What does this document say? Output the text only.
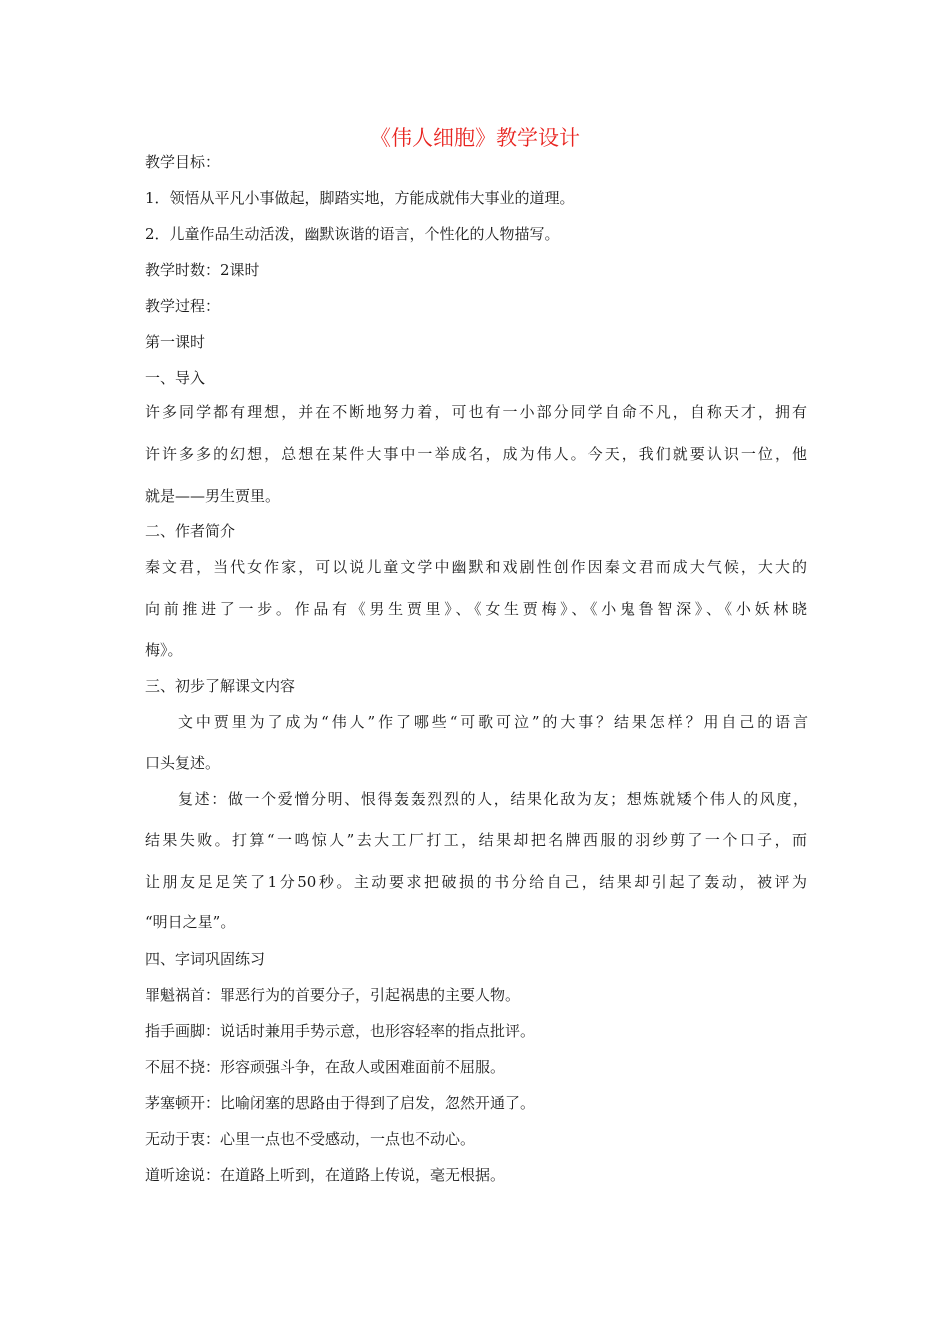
《伟人细胞》教学设计
教学目标：
1．领悟从平凡小事做起，脚踏实地，方能成就伟大事业的道理。
2．儿童作品生动活泼，幽默诙谐的语言，个性化的人物描写。
教学时数：2课时
教学过程：
第一课时
一、导入
许多同学都有理想，并在不断地努力着，可也有一小部分同学自命不凡，自称天才，拥有
许许多多的幻想，总想在某件大事中一举成名，成为伟人。今天，我们就要认识一位，他
就是——男生贾里。
二、作者简介
秦文君，当代女作家，可以说儿童文学中幽默和戏剧性创作因秦文君而成大气候，大大的
向前推进了一步。作品有《男生贾里》、《女生贾梅》、《小鬼鲁智深》、《小妖林晓
梅》。
三、初步了解课文内容
文中贾里为了成为“伟人”作了哪些“可歌可泣”的大事？结果怎样？用自己的语言
口头复述。
复述：做一个爱憎分明、恨得轰轰烈烈的人，结果化敌为友；想炼就矮个伟人的风度，
结果失败。打算“一鸣惊人”去大工厂打工，结果却把名牌西服的羽纱剪了一个口子，而
让朋友足足笑了1分50秒。主动要求把破损的书分给自己，结果却引起了轰动，被评为
“明日之星”。
四、字词巩固练习
罪魁祸首：罪恶行为的首要分子，引起祸患的主要人物。
指手画脚：说话时兼用手势示意，也形容轻率的指点批评。
不屈不挠：形容顽强斗争，在敌人或困难面前不屈服。
茅塞顿开：比喻闭塞的思路由于得到了启发，忽然开通了。
无动于衷：心里一点也不受感动，一点也不动心。
道听途说：在道路上听到，在道路上传说，毫无根据。
